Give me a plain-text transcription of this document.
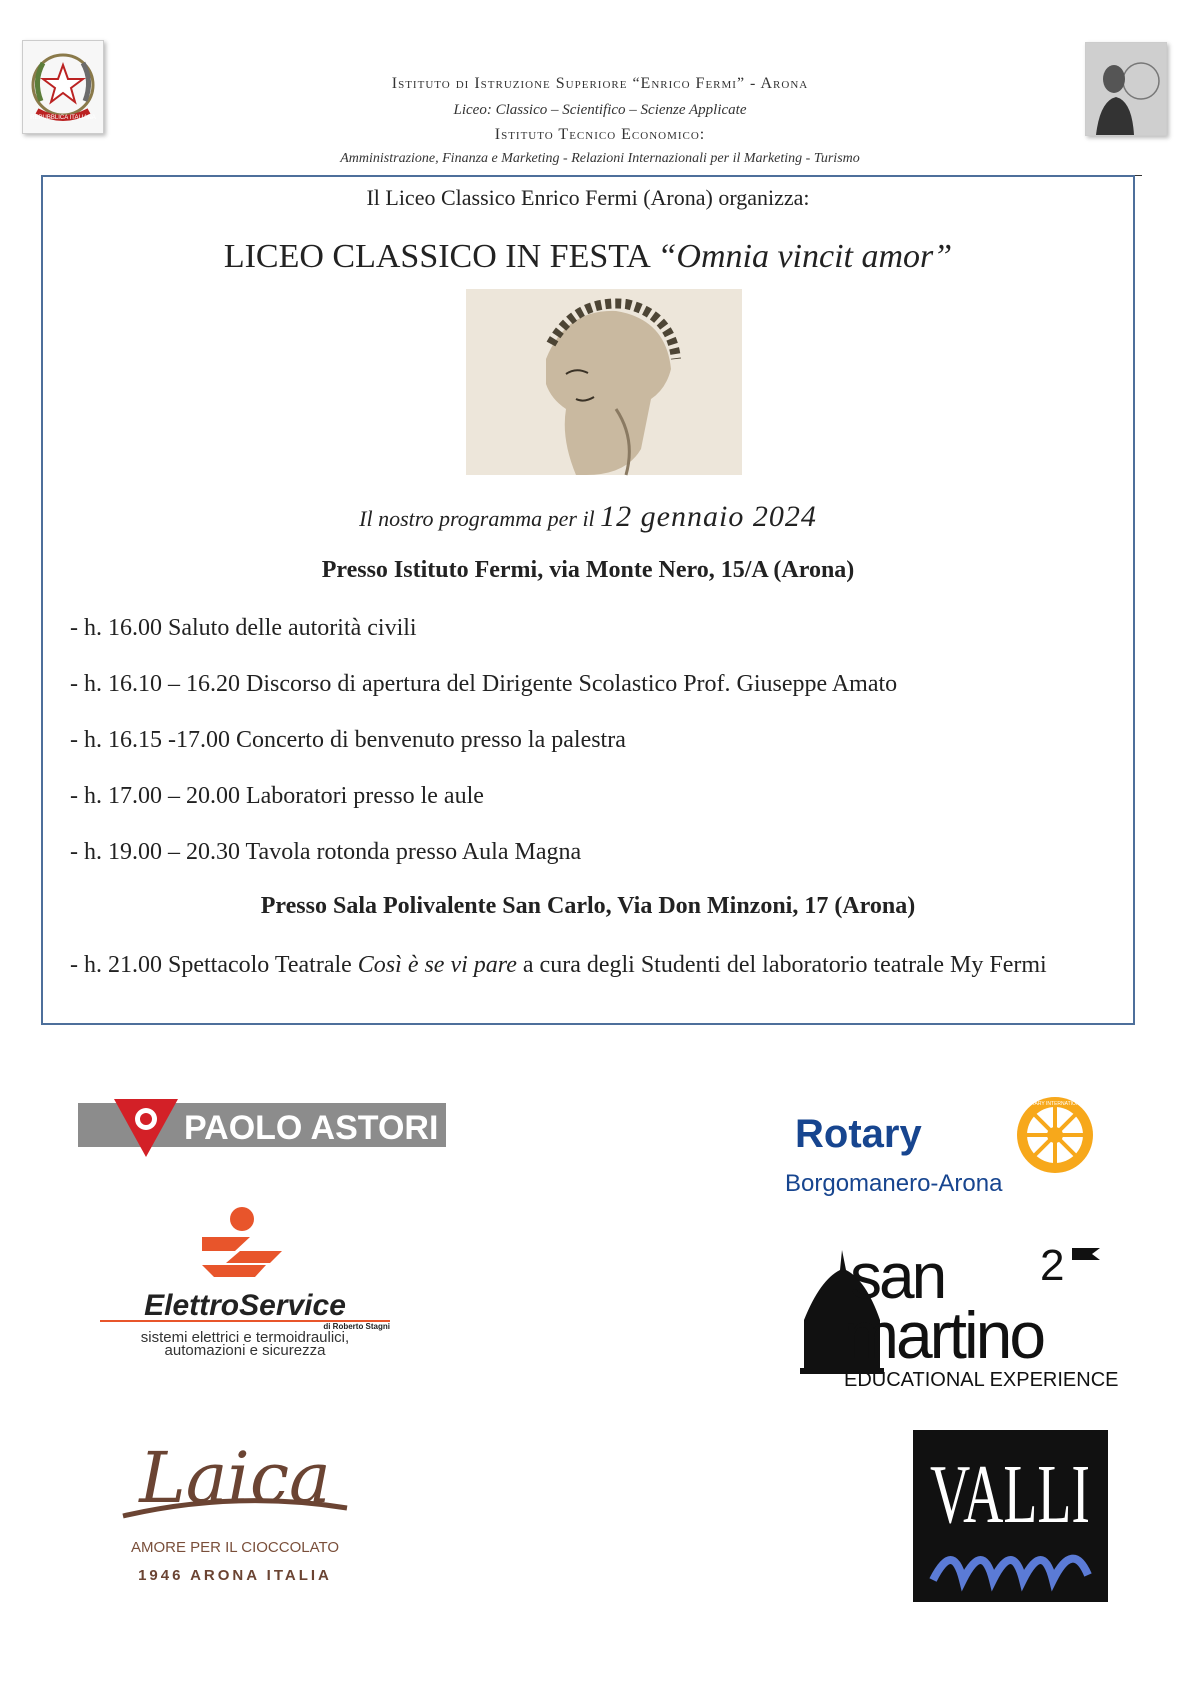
REPUBBLICA ITALIANA
Istituto di Istruzione Superiore “Enrico Fermi” - Arona
Liceo: Classico – Scientifico – Scienze Applicate
Istituto Tecnico Economico:
Amministrazione, Finanza e Marketing - Relazioni Internazionali per il Marketing - Turismo
Il Liceo Classico Enrico Fermi (Arona) organizza:
LICEO CLASSICO IN FESTA “Omnia vincit amor”
Il nostro programma per il 12 gennaio 2024
Presso Istituto Fermi, via Monte Nero, 15/A (Arona)
- h. 16.00 Saluto delle autorità civili
- h. 16.10 – 16.20 Discorso di apertura del Dirigente Scolastico Prof. Giuseppe Amato
- h. 16.15 -17.00 Concerto di benvenuto presso la palestra
- h. 17.00 – 20.00 Laboratori presso le aule
- h. 19.00 – 20.30 Tavola rotonda presso Aula Magna
Presso Sala Polivalente San Carlo, Via Don Minzoni, 17 (Arona)
- h. 21.00 Spettacolo Teatrale Così è se vi pare a cura degli Studenti del laboratorio teatrale My Fermi
PAOLO ASTORI	Rotary
ROTARY INTERNATIONAL
Borgomanero-Arona
ElettroService
di Roberto Stagni
sistemi elettrici e termoidraulici,
automazioni e sicurezza
san 2
martino
EDUCATIONAL EXPERIENCE
Laica
AMORE PER IL CIOCCOLATO
1946 ARONA ITALIA
VALLI
